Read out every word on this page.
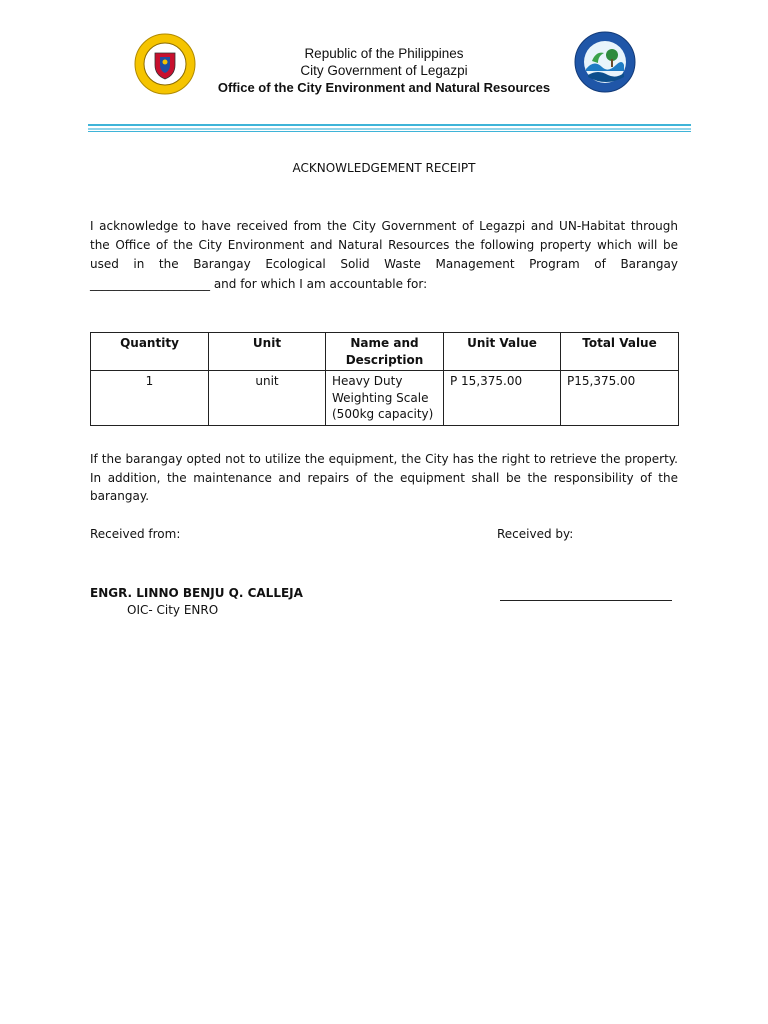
Republic of the Philippines
City Government of Legazpi
Office of the City Environment and Natural Resources
ACKNOWLEDGEMENT RECEIPT
I acknowledge to have received from the City Government of Legazpi and UN-Habitat through the Office of the City Environment and Natural Resources the following property which will be used in the Barangay Ecological Solid Waste Management Program of Barangay ____________________ and for which I am accountable for:
Quantity	Unit	Name and Description	Unit Value	Total Value
1	unit	Heavy Duty Weighting Scale (500kg capacity)	P 15,375.00	P15,375.00
If the barangay opted not to utilize the equipment, the City has the right to retrieve the property. In addition, the maintenance and repairs of the equipment shall be the responsibility of the barangay.
Received from:	Received by:
ENGR. LINNO BENJU Q. CALLEJA
OIC- City ENRO
